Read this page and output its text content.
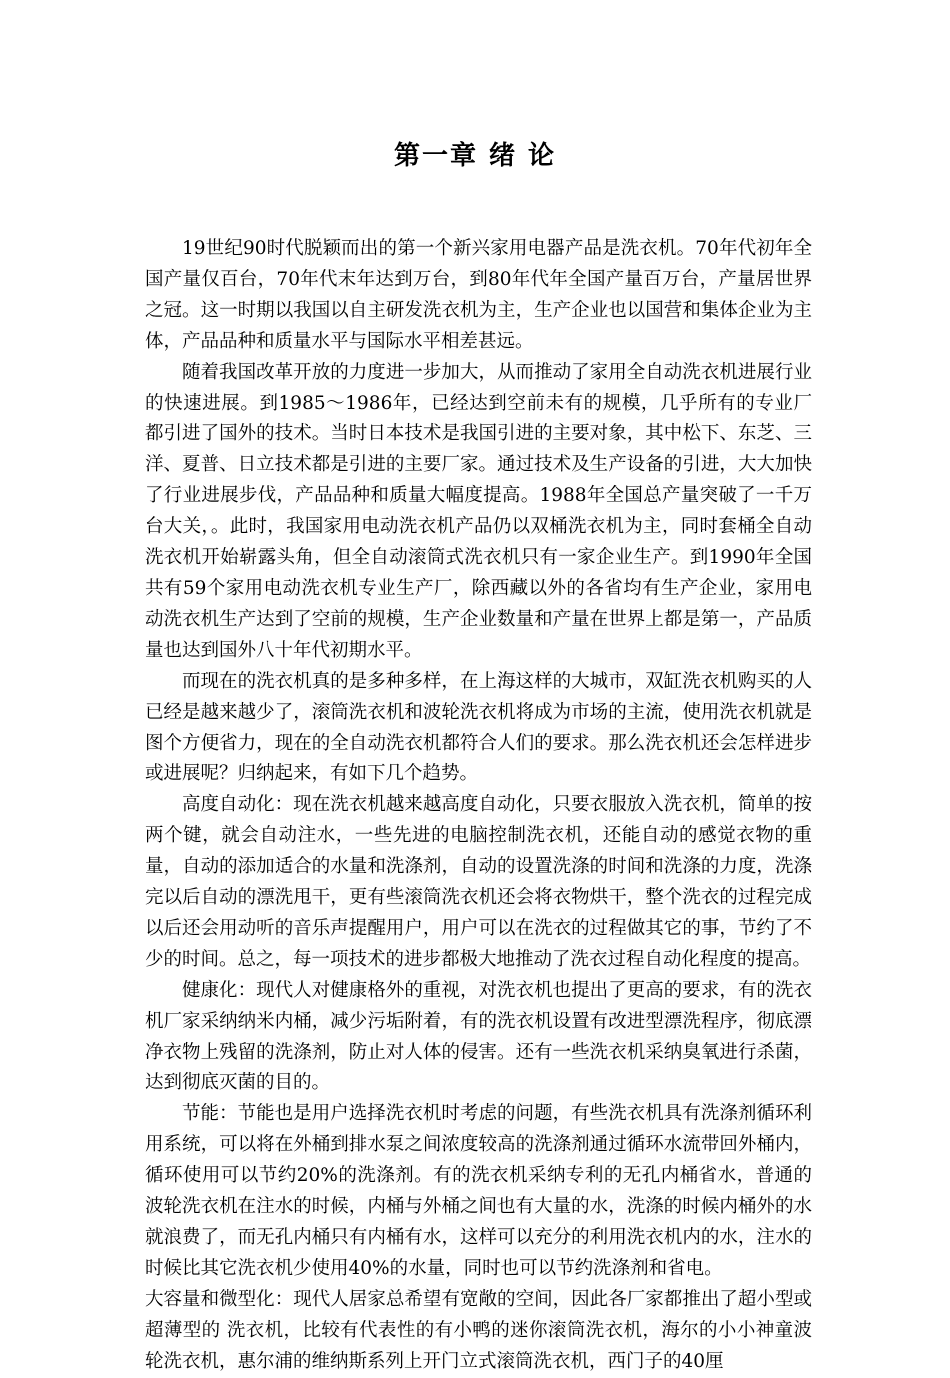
第一章 绪 论

19世纪90时代脱颖而出的第一个新兴家用电器产品是洗衣机。70年代初年全国产量仅百台，70年代末年达到万台，到80年代年全国产量百万台，产量居世界之冠。这一时期以我国以自主研发洗衣机为主，生产企业也以国营和集体企业为主体，产品品种和质量水平与国际水平相差甚远。

随着我国改革开放的力度进一步加大，从而推动了家用全自动洗衣机进展行业的快速进展。到1985～1986年，已经达到空前未有的规模，几乎所有的专业厂都引进了国外的技术。当时日本技术是我国引进的主要对象，其中松下、东芝、三洋、夏普、日立技术都是引进的主要厂家。通过技术及生产设备的引进，大大加快了行业进展步伐，产品品种和质量大幅度提高。1988年全国总产量突破了一千万台大关，。此时，我国家用电动洗衣机产品仍以双桶洗衣机为主，同时套桶全自动洗衣机开始崭露头角，但全自动滚筒式洗衣机只有一家企业生产。到1990年全国共有59个家用电动洗衣机专业生产厂，除西藏以外的各省均有生产企业，家用电动洗衣机生产达到了空前的规模，生产企业数量和产量在世界上都是第一，产品质量也达到国外八十年代初期水平。

而现在的洗衣机真的是多种多样，在上海这样的大城市，双缸洗衣机购买的人已经是越来越少了，滚筒洗衣机和波轮洗衣机将成为市场的主流，使用洗衣机就是图个方便省力，现在的全自动洗衣机都符合人们的要求。那么洗衣机还会怎样进步或进展呢？归纳起来，有如下几个趋势。

高度自动化：现在洗衣机越来越高度自动化，只要衣服放入洗衣机，简单的按两个键，就会自动注水，一些先进的电脑控制洗衣机，还能自动的感觉衣物的重量，自动的添加适合的水量和洗涤剂，自动的设置洗涤的时间和洗涤的力度，洗涤完以后自动的漂洗甩干，更有些滚筒洗衣机还会将衣物烘干，整个洗衣的过程完成以后还会用动听的音乐声提醒用户，用户可以在洗衣的过程做其它的事，节约了不少的时间。总之，每一项技术的进步都极大地推动了洗衣过程自动化程度的提高。

健康化：现代人对健康格外的重视，对洗衣机也提出了更高的要求，有的洗衣机厂家采纳纳米内桶，减少污垢附着，有的洗衣机设置有改进型漂洗程序，彻底漂净衣物上残留的洗涤剂，防止对人体的侵害。还有一些洗衣机采纳臭氧进行杀菌，达到彻底灭菌的目的。

节能：节能也是用户选择洗衣机时考虑的问题，有些洗衣机具有洗涤剂循环利用系统，可以将在外桶到排水泵之间浓度较高的洗涤剂通过循环水流带回外桶内，循环使用可以节约20%的洗涤剂。有的洗衣机采纳专利的无孔内桶省水，普通的波轮洗衣机在注水的时候，内桶与外桶之间也有大量的水，洗涤的时候内桶外的水就浪费了，而无孔内桶只有内桶有水，这样可以充分的利用洗衣机内的水，注水的时候比其它洗衣机少使用40%的水量，同时也可以节约洗涤剂和省电。

大容量和微型化：现代人居家总希望有宽敞的空间，因此各厂家都推出了超小型或超薄型的 洗衣机，比较有代表性的有小鸭的迷你滚筒洗衣机，海尔的小小神童波轮洗衣机，惠尔浦的维纳斯系列上开门立式滚筒洗衣机，西门子的40厘
